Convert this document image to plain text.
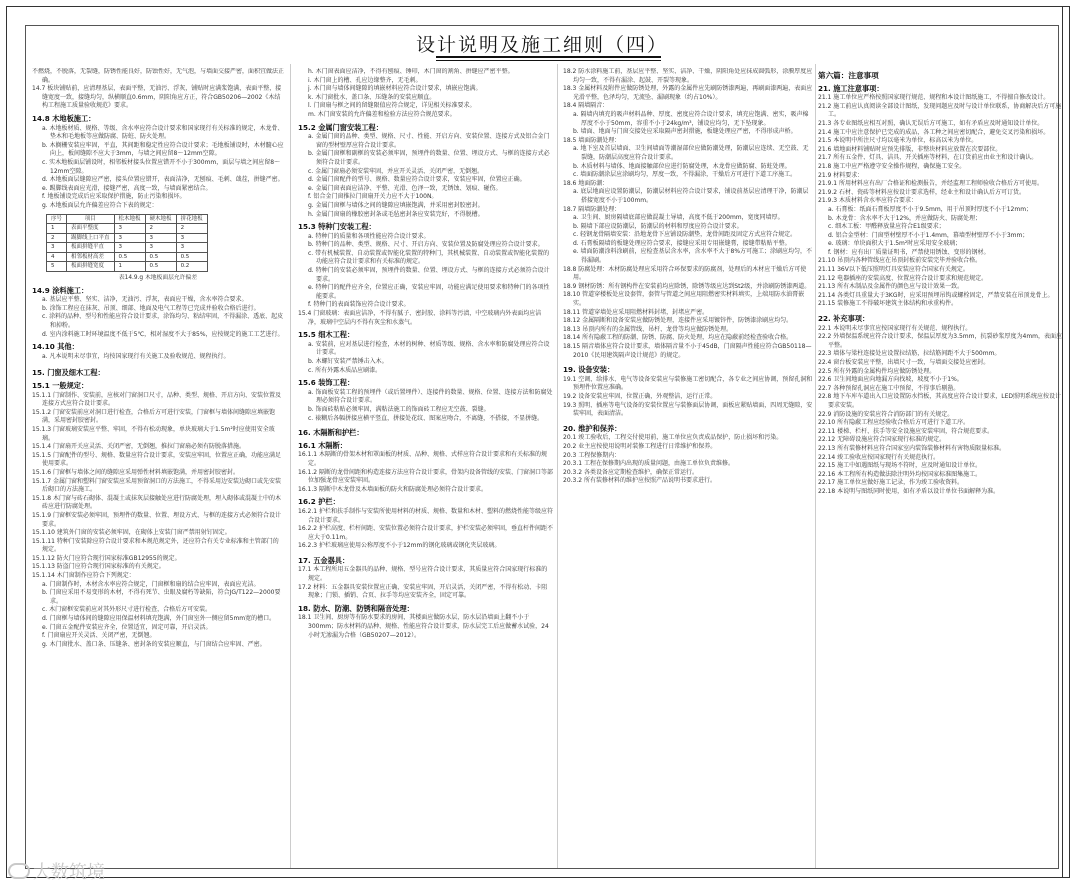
设计说明及施工细则（四）

不燃烧，不脱落，无裂缝，防锈性能良好，防蚀性好，无气泡，与墙面交接严密，面积宜做法正确。

14.7 板块铺贴前，应清理基层，表面平整，无油污、浮灰，铺贴时应满浆饱满，表面平整，接缝宽度一致，接缝均匀，纵横顺直0.6mm，阴阳角应方正，符合GB50206—2002《木结构工程施工质量验收规范》要求。

14.8 木地板施工：

a. 木地板材质、规格、等级、含水率应符合设计要求和国家现行有关标准的规定，木龙骨、垫木和毛地板等应做防腐、防蛀、防火处理。

b. 木搁栅安装应牢固，平直，其间距和稳定性应符合设计要求；毛地板铺设时，木材髓心应向上，板间缝隙不应大于3mm，与墙之间应留8～12mm空隙。

c. 实木地板面层铺设时，相邻板材接头位置应错开不小于300mm，面层与墙之间应留8～12mm空隙。

d. 木地板面层缝隙应严密，接头位置应错开，表面洁净，无刨痕、毛刺、戗茬，拼缝严密。

e. 踢脚线表面应光滑，接缝严密，高度一致，与墙面紧密结合。

f. 地板铺设完成后应采取保护措施，防止污染和损坏。

g. 木地板面层允许偏差应符合下表的规定：

序号	项目	松木地板	硬木地板	拼花地板
1	表面平整度	3	2	2
2	踢脚线上口平直	3	3	3
3	板面拼缝平直	3	3	3
4	相邻板材高差	0.5	0.5	0.5
5	板面拼缝宽度	1	0.5	0.2
表14.9.g 木地板面层允许偏差
14.9 涂料施工：

a. 基层应平整、坚实、洁净，无油污、浮灰，表面应干燥，含水率符合要求。

b. 涂饰工程应在抹灰、吊顶、细部、地面及电气工程等已完成并验收合格后进行。

c. 涂料的品种、型号和性能应符合设计要求，涂饰均匀、粘结牢固，不得漏涂、透底、起皮和掉粉。

d. 室内涂料施工时环境温度不低于5℃，相对湿度不大于85%，应按规定的施工工艺进行。

14.10 其他：

a. 凡本说明未尽事宜，均按国家现行有关施工及验收规范、规程执行。

15. 门窗及细木工程：
15.1 一般规定：

15.1.1 门窗制作、安装前，应核对门窗洞口尺寸，品种、类型、规格、开启方向、安装位置及连接方式应符合设计要求。

15.1.2 门窗安装前应对洞口进行检查，合格后方可进行安装，门窗框与墙体间缝隙应填嵌饱满，采用密封胶密封。

15.1.3 门窗玻璃安装应平整、牢固，不得有松动现象，单块玻璃大于1.5m²时应使用安全玻璃。

15.1.4 门窗扇开关应灵活、关闭严密，无倒翘，推拉门窗扇必须有防脱落措施。

15.1.5 门窗配件的型号、规格、数量应符合设计要求，安装应牢固，位置应正确，功能应满足使用要求。

15.1.6 门窗框与墙体之间的缝隙应采用弹性材料填嵌饱满，并用密封胶密封。

15.1.7 金属门窗和塑料门窗安装应采用预留洞口的方法施工，不得采用边安装边砌口或先安装后砌口的方法施工。

15.1.8 木门窗与砖石砌体、混凝土或抹灰层接触处应进行防腐处理，埋入砌体或混凝土中的木砖应进行防腐处理。

15.1.9 门窗框安装必须牢固，预埋件的数量、位置、埋设方式、与框的连接方式必须符合设计要求。

15.1.10 建筑外门窗的安装必须牢固，在砌体上安装门窗严禁用射钉固定。

15.1.11 特种门安装除应符合设计要求和本规范规定外，还应符合有关专业标准和主管部门的规定。

15.1.12 防火门应符合现行国家标准GB12955的规定。

15.1.13 防盗门应符合现行国家标准的有关规定。

15.1.14 木门窗制作应符合下列规定：

a. 门窗制作时，木材含水率应符合规定，门窗框和扇的结合应牢固，表面应光洁。

b. 门窗应采用不易变形的木材，不得有死节、虫眼及腐朽等缺陷，符合JG/T122—2000要求。

c. 木门窗框安装前应对其外形尺寸进行检查，合格后方可安装。

d. 门窗框与墙体间的缝隙应用保温材料填充饱满，外门窗室外一侧应留5mm宽的槽口。

e. 门窗五金配件安装应齐全，位置适宜，固定可靠，开启灵活。

f. 门窗扇应开关灵活、关闭严密，无倒翘。

g. 木门窗批水、盖口条、压缝条、密封条的安装应顺直，与门窗结合应牢固、严密。

h. 木门窗表面应洁净，不得有刨痕、锤印，木门窗的割角、拼缝应严密平整。

i. 木门窗上的槽、孔应边缘整齐，无毛刺。

j. 木门窗与墙体间缝隙的填嵌材料应符合设计要求，填嵌应饱满。

k. 木门窗批水、盖口条、压缝条的安装应顺直。

l. 门窗扇与框之间的留缝限值应符合规定，详见相关标准要求。

m. 木门窗安装的允许偏差和检验方法应符合规范要求。

15.2 金属门窗安装工程：

a. 金属门窗的品种、类型、规格、尺寸、性能、开启方向、安装位置、连接方式及铝合金门窗的型材壁厚应符合设计要求。

b. 金属门窗框和副框的安装必须牢固，预埋件的数量、位置、埋设方式、与框的连接方式必须符合设计要求。

c. 金属门窗扇必须安装牢固，并应开关灵活、关闭严密，无倒翘。

d. 金属门窗配件的型号、规格、数量应符合设计要求，安装应牢固，位置应正确。

e. 金属门窗表面应洁净、平整、光滑、色泽一致，无锈蚀、划痕、碰伤。

f. 铝合金门窗推拉门窗扇开关力应不大于100N。

g. 金属门窗框与墙体之间的缝隙应填嵌饱满，并采用密封胶密封。

h. 金属门窗扇的橡胶密封条或毛毡密封条应安装完好，不得脱槽。

15.3 特种门安装工程：

a. 特种门的质量和各项性能应符合设计要求。

b. 特种门的品种、类型、规格、尺寸、开启方向、安装位置及防腐处理应符合设计要求。

c. 带有机械装置、自动装置或智能化装置的特种门，其机械装置、自动装置或智能化装置的功能应符合设计要求和有关标准的规定。

d. 特种门的安装必须牢固，预埋件的数量、位置、埋设方式、与框的连接方式必须符合设计要求。

e. 特种门的配件应齐全，位置应正确，安装应牢固，功能应满足使用要求和特种门的各项性能要求。

f. 特种门的表面装饰应符合设计要求。

15.4 门窗玻璃：表面应洁净，不得有腻子、密封胶、涂料等污渍，中空玻璃内外表面均应洁净，玻璃中空层内不得有灰尘和水蒸气。

15.5 细木工程：

a. 安装前，应对基层进行检查，木材的树种、材质等级、规格、含水率和防腐处理应符合设计要求。

b. 木螺钉安装严禁锤击入木。

c. 所有外露木质品应刷漆。

15.6 装饰工程：

a. 饰面板安装工程的预埋件（或后置埋件）、连接件的数量、规格、位置、连接方法和防腐处理必须符合设计要求。

b. 饰面砖粘贴必须牢固，满粘法施工的饰面砖工程应无空鼓、裂缝。

c. 裱糊后各幅拼接应横平竖直，拼接处花纹、图案应吻合，不离缝，不搭接，不显拼缝。

16. 木隔断和护栏：
16.1 木隔断：

16.1.1 木隔断的骨架木材和罩面板的材质、品种、规格、式样应符合设计要求和有关标准的规定。

16.1.2 隔断的龙骨间距和构造连接方法应符合设计要求，骨架内设备管线的安装、门窗洞口等部位加强龙骨应安装牢固。

16.1.3 隔断中木龙骨及木墙面板的防火和防腐处理必须符合设计要求。

16.2 护栏：

16.2.1 护栏和扶手制作与安装所使用材料的材质、规格、数量和木材、塑料的燃烧性能等级应符合设计要求。

16.2.2 护栏高度、栏杆间距、安装位置必须符合设计要求，护栏安装必须牢固，垂直杆件间距不应大于0.11m。

16.2.3 护栏玻璃应使用公称厚度不小于12mm的钢化玻璃或钢化夹层玻璃。

17. 五金器具：

17.1 本工程所用五金器具的品种、规格、型号应符合设计要求，其质量应符合国家现行标准的规定。

17.2 材料：五金器具安装位置应正确，安装应牢固，开启灵活，关闭严密，不得有松动、卡阻现象；门锁、插销、合页、拉手等均应安装齐全，固定可靠。

18. 防水、防潮、防锈和隔音处理：

18.1 卫生间、厨房等有防水要求的房间，其楼面应做防水层，防水层沿墙面上翻不小于300mm；防水材料的品种、规格、性能应符合设计要求，防水层完工后应做蓄水试验，24小时无渗漏为合格（GB50207—2012）。

18.2 防水涂料施工前，基层应平整、坚实、洁净、干燥，阴阳角处应抹成圆弧形，涂膜厚度应均匀一致，不得有漏涂、起鼓、开裂等现象。

18.3 金属材料及附件应做防锈处理，外露的金属件应先刷防锈漆两遍，再刷面漆两遍，表面应光滑平整，色泽均匀，无流坠、漏刷现象（约占10%）。

18.4 隔墙隔音：

a. 隔墙内填充的吸声材料品种、厚度、密度应符合设计要求，填充应饱满、密实，吸声棉厚度不小于50mm，容重不小于24kg/m³，铺设应均匀，无下坠现象。

b. 墙面、地面与门窗交接处应采取隔声密封措施，板缝处理应严密，不得形成声桥。

18.5 墙面防潮处理：

a. 地下室及首层墙面、卫生间墙面等潮湿部位应做防潮处理，防潮层应连续、无空鼓、无裂缝，防潮层高度应符合设计要求。

b. 木质材料与墙体、地面接触部位应进行防腐处理，木龙骨应做防腐、防蛀处理。

c. 墙面防潮涂层应涂刷均匀，厚度一致，不得漏涂，干燥后方可进行下道工序施工。

18.6 地面防潮：

a. 底层地面应设置防潮层，防潮层材料应符合设计要求，铺设前基层应清理干净，防潮层搭接宽度不小于100mm。

18.7 隔墙防潮处理：

a. 卫生间、厨房隔墙底部应做混凝土导墙，高度不低于200mm，宽度同墙厚。

b. 隔墙下部应设防潮层，防潮层的材料和厚度应符合设计要求。

c. 轻钢龙骨隔墙安装：沿地龙骨下应铺设防潮垫，龙骨间距及固定方式应符合规定。

d. 石膏板隔墙的板缝处理应符合要求，接缝应采用专用嵌缝膏，接缝带粘贴平整。

e. 墙面防潮涂料涂刷前，应检查基层含水率，含水率不大于8%方可施工；涂刷应均匀，不得漏刷。

18.8 防腐处理：木材防腐处理应采用符合环保要求的防腐剂，处理后的木材应干燥后方可使用。

18.9 钢材防锈：所有钢构件在安装前均应除锈，除锈等级应达到St2级，并涂刷防锈漆两道。

18.10 管道穿楼板处应设套管，套管与管道之间应用阻燃密实材料填实，上端用防水油膏嵌实。

18.11 管道穿墙处应采用阻燃材料封堵，封堵应严密。

18.12 金属隔断和设备安装应做防锈处理，连接件应采用镀锌件，防锈漆涂刷应均匀。

18.13 吊顶内所有的金属管线、吊杆、龙骨等均应做防锈处理。

18.14 所有隐蔽工程的防潮、防锈、防腐、防火处理，均应在隐蔽前经检查验收合格。

18.15 隔音墙体应符合设计要求，墙体隔音量不小于45dB，门窗隔声性能应符合GB50118—2010《民用建筑隔声设计规范》的规定。

19. 设备安装：

19.1 空调、给排水、电气等设备安装应与装修施工密切配合，各专业之间应协调，预留孔洞和预埋件位置应准确。

19.2 设备安装应牢固，位置正确，外观整洁，运行正常。

19.3 照明、插座等电气设备的安装位置应与装修面层协调，面板应紧贴墙面，四周无缝隙，安装牢固，表面清洁。

20. 维护和保养：

20.1 竣工验收后，工程交付使用前，施工单位应负责成品保护，防止损坏和污染。

20.2 业主应按使用说明对装修工程进行日常维护和保养。

20.3 工程保修期内：

20.3.1 工程在保修期内出现的质量问题，由施工单位负责维修。

20.3.2 各类设备应定期检查维护，确保正常运行。

20.3.2 所有装修材料的维护应按照产品说明书要求进行。

第六篇：注意事项
21. 施工注意事项：

21.1 施工单位应严格按照国家现行规范、规程和本设计图纸施工，不得擅自修改设计。

21.2 施工前应认真阅读全部设计图纸，发现问题应及时与设计单位联系，协商解决后方可施工。

21.3 各专业图纸应相互对照，确认无误后方可施工，如有矛盾应及时通知设计单位。

21.4 施工中应注意保护已完成的成品，各工种之间应密切配合，避免交叉污染和损坏。

21.5 本说明中所注尺寸均以毫米为单位，标高以米为单位。

21.6 墙地面材料铺贴时应预先排版，非整块材料应放置在次要部位。

21.7 所有五金件、灯具、洁具、开关插座等材料，在订货前应由业主和设计确认。

21.8 施工中应严格遵守安全操作规程，确保施工安全。

21.9 材料要求：

21.9.1 所用材料应有出厂合格证和检测报告，并经监理工程师验收合格后方可使用。

21.9.2 石材、瓷砖等材料应按设计要求选样，经业主和设计确认后方可订货。

21.9.3 木质材料含水率应符合要求：

a. 石膏板：纸面石膏板厚度不小于9.5mm，用于吊顶时厚度不小于12mm；

b. 木龙骨：含水率不大于12%，并应做防火、防腐处理；

c. 细木工板：甲醛释放量应符合E1级要求；

d. 铝合金型材：门窗型材壁厚不小于1.4mm，幕墙型材壁厚不小于3mm；

e. 玻璃：单块面积大于1.5m²时应采用安全玻璃；

f. 钢材：应有出厂质量证明书，严禁使用锈蚀、变形的钢材。

21.10 吊顶内各种管线应在吊顶封板前安装完毕并验收合格。

21.11 36V以下低压照明灯具安装应符合国家有关规定。

21.12 电器插座的安装高度、位置应符合设计要求和规范规定。

21.13 所有木制品及金属件的颜色应与设计效果一致。

21.14 各类灯具重量大于3KG时，应采用预埋吊钩或螺栓固定，严禁安装在吊顶龙骨上。

21.15 装修施工不得破坏建筑主体结构和承重构件。

22. 补充事项：

22.1 本说明未尽事宜应按国家现行有关规范、规程执行。

22.2 外墙保温系统应符合设计要求，保温层厚度为3.5mm，抗裂砂浆厚度为4mm，表面应平整。

22.3 墙体与梁柱连接处应设置拉结筋，拉结筋间距不大于500mm。

22.4 窗台板安装应平整，出墙尺寸一致，与墙面交接处应密封。

22.5 所有外露的金属构件均应做防锈处理。

22.6 卫生间地面应向地漏方向找坡，坡度不小于1%。

22.7 各种预留孔洞应在施工中预留，不得事后剔凿。

22.8 地下车库车道出入口应设置防水挡板，其高度应符合设计要求，LED照明系统应按设计要求安装。

22.9 消防设施的安装应符合消防部门的有关规定。

22.10 所有隐蔽工程应经验收合格后方可进行下道工序。

22.11 楼梯、栏杆、扶手等安全设施应安装牢固，符合规范要求。

22.12 无障碍设施应符合国家现行标准的规定。

22.13 所有装修材料应符合国家室内装饰装修材料有害物质限量标准。

22.14 竣工验收应按国家现行有关规范执行。

22.15 施工中如遇图纸与现场不符时，应及时通知设计单位。

22.16 本工程所有构造做法除注明外均按国家标准图集施工。

22.17 施工单位应做好施工记录，作为竣工验收资料。

22.18 本说明与图纸同时使用，如有矛盾以设计单位书面解释为准。

大数筑境
